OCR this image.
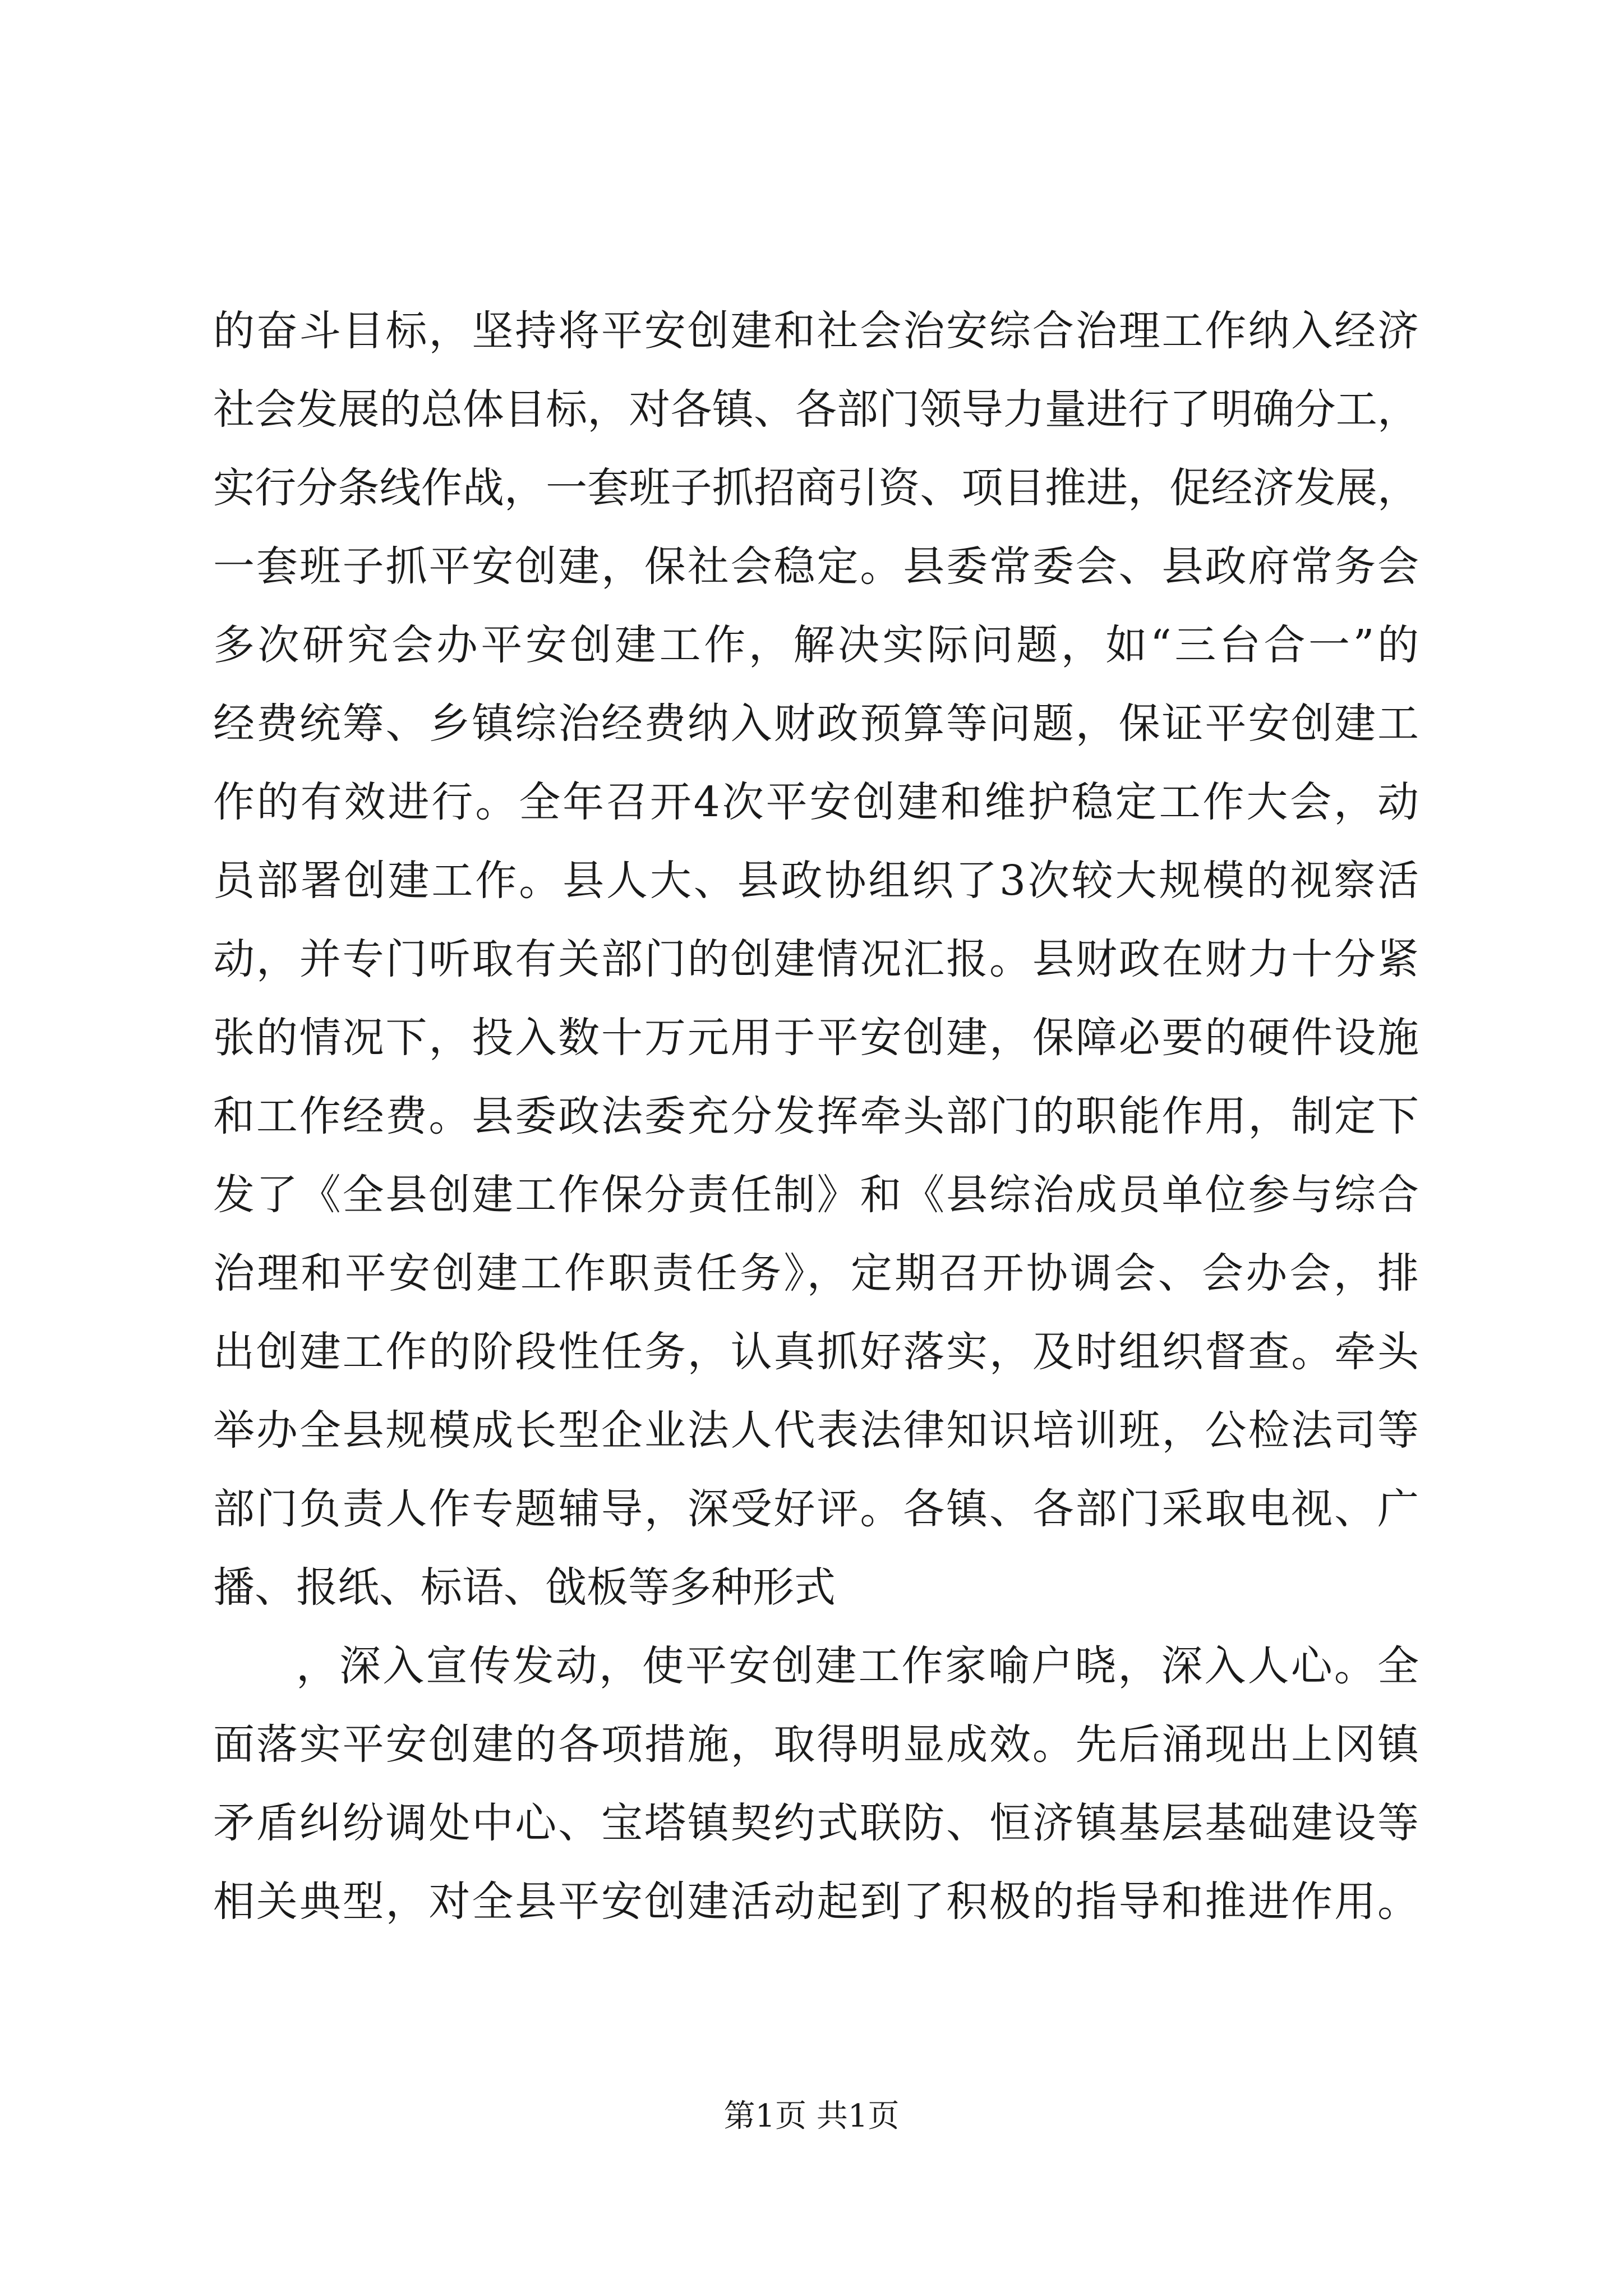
的奋斗目标，坚持将平安创建和社会治安综合治理工作纳入经济
社会发展的总体目标，对各镇、各部门领导力量进行了明确分工，
实行分条线作战，一套班子抓招商引资、项目推进，促经济发展，
一套班子抓平安创建，保社会稳定。县委常委会、县政府常务会
多次研究会办平安创建工作，解决实际问题，如“三台合一”的
经费统筹、乡镇综治经费纳入财政预算等问题，保证平安创建工
作的有效进行。全年召开4次平安创建和维护稳定工作大会，动
员部署创建工作。县人大、县政协组织了3次较大规模的视察活
动，并专门听取有关部门的创建情况汇报。县财政在财力十分紧
张的情况下，投入数十万元用于平安创建，保障必要的硬件设施
和工作经费。县委政法委充分发挥牵头部门的职能作用，制定下
发了《全县创建工作保分责任制》和《县综治成员单位参与综合
治理和平安创建工作职责任务》，定期召开协调会、会办会，排
出创建工作的阶段性任务，认真抓好落实，及时组织督查。牵头
举办全县规模成长型企业法人代表法律知识培训班，公检法司等
部门负责人作专题辅导，深受好评。各镇、各部门采取电视、广
播、报纸、标语、戗板等多种形式
，深入宣传发动，使平安创建工作家喻户晓，深入人心。全
面落实平安创建的各项措施，取得明显成效。先后涌现出上冈镇
矛盾纠纷调处中心、宝塔镇契约式联防、恒济镇基层基础建设等
相关典型，对全县平安创建活动起到了积极的指导和推进作用。
第1页 共1页
